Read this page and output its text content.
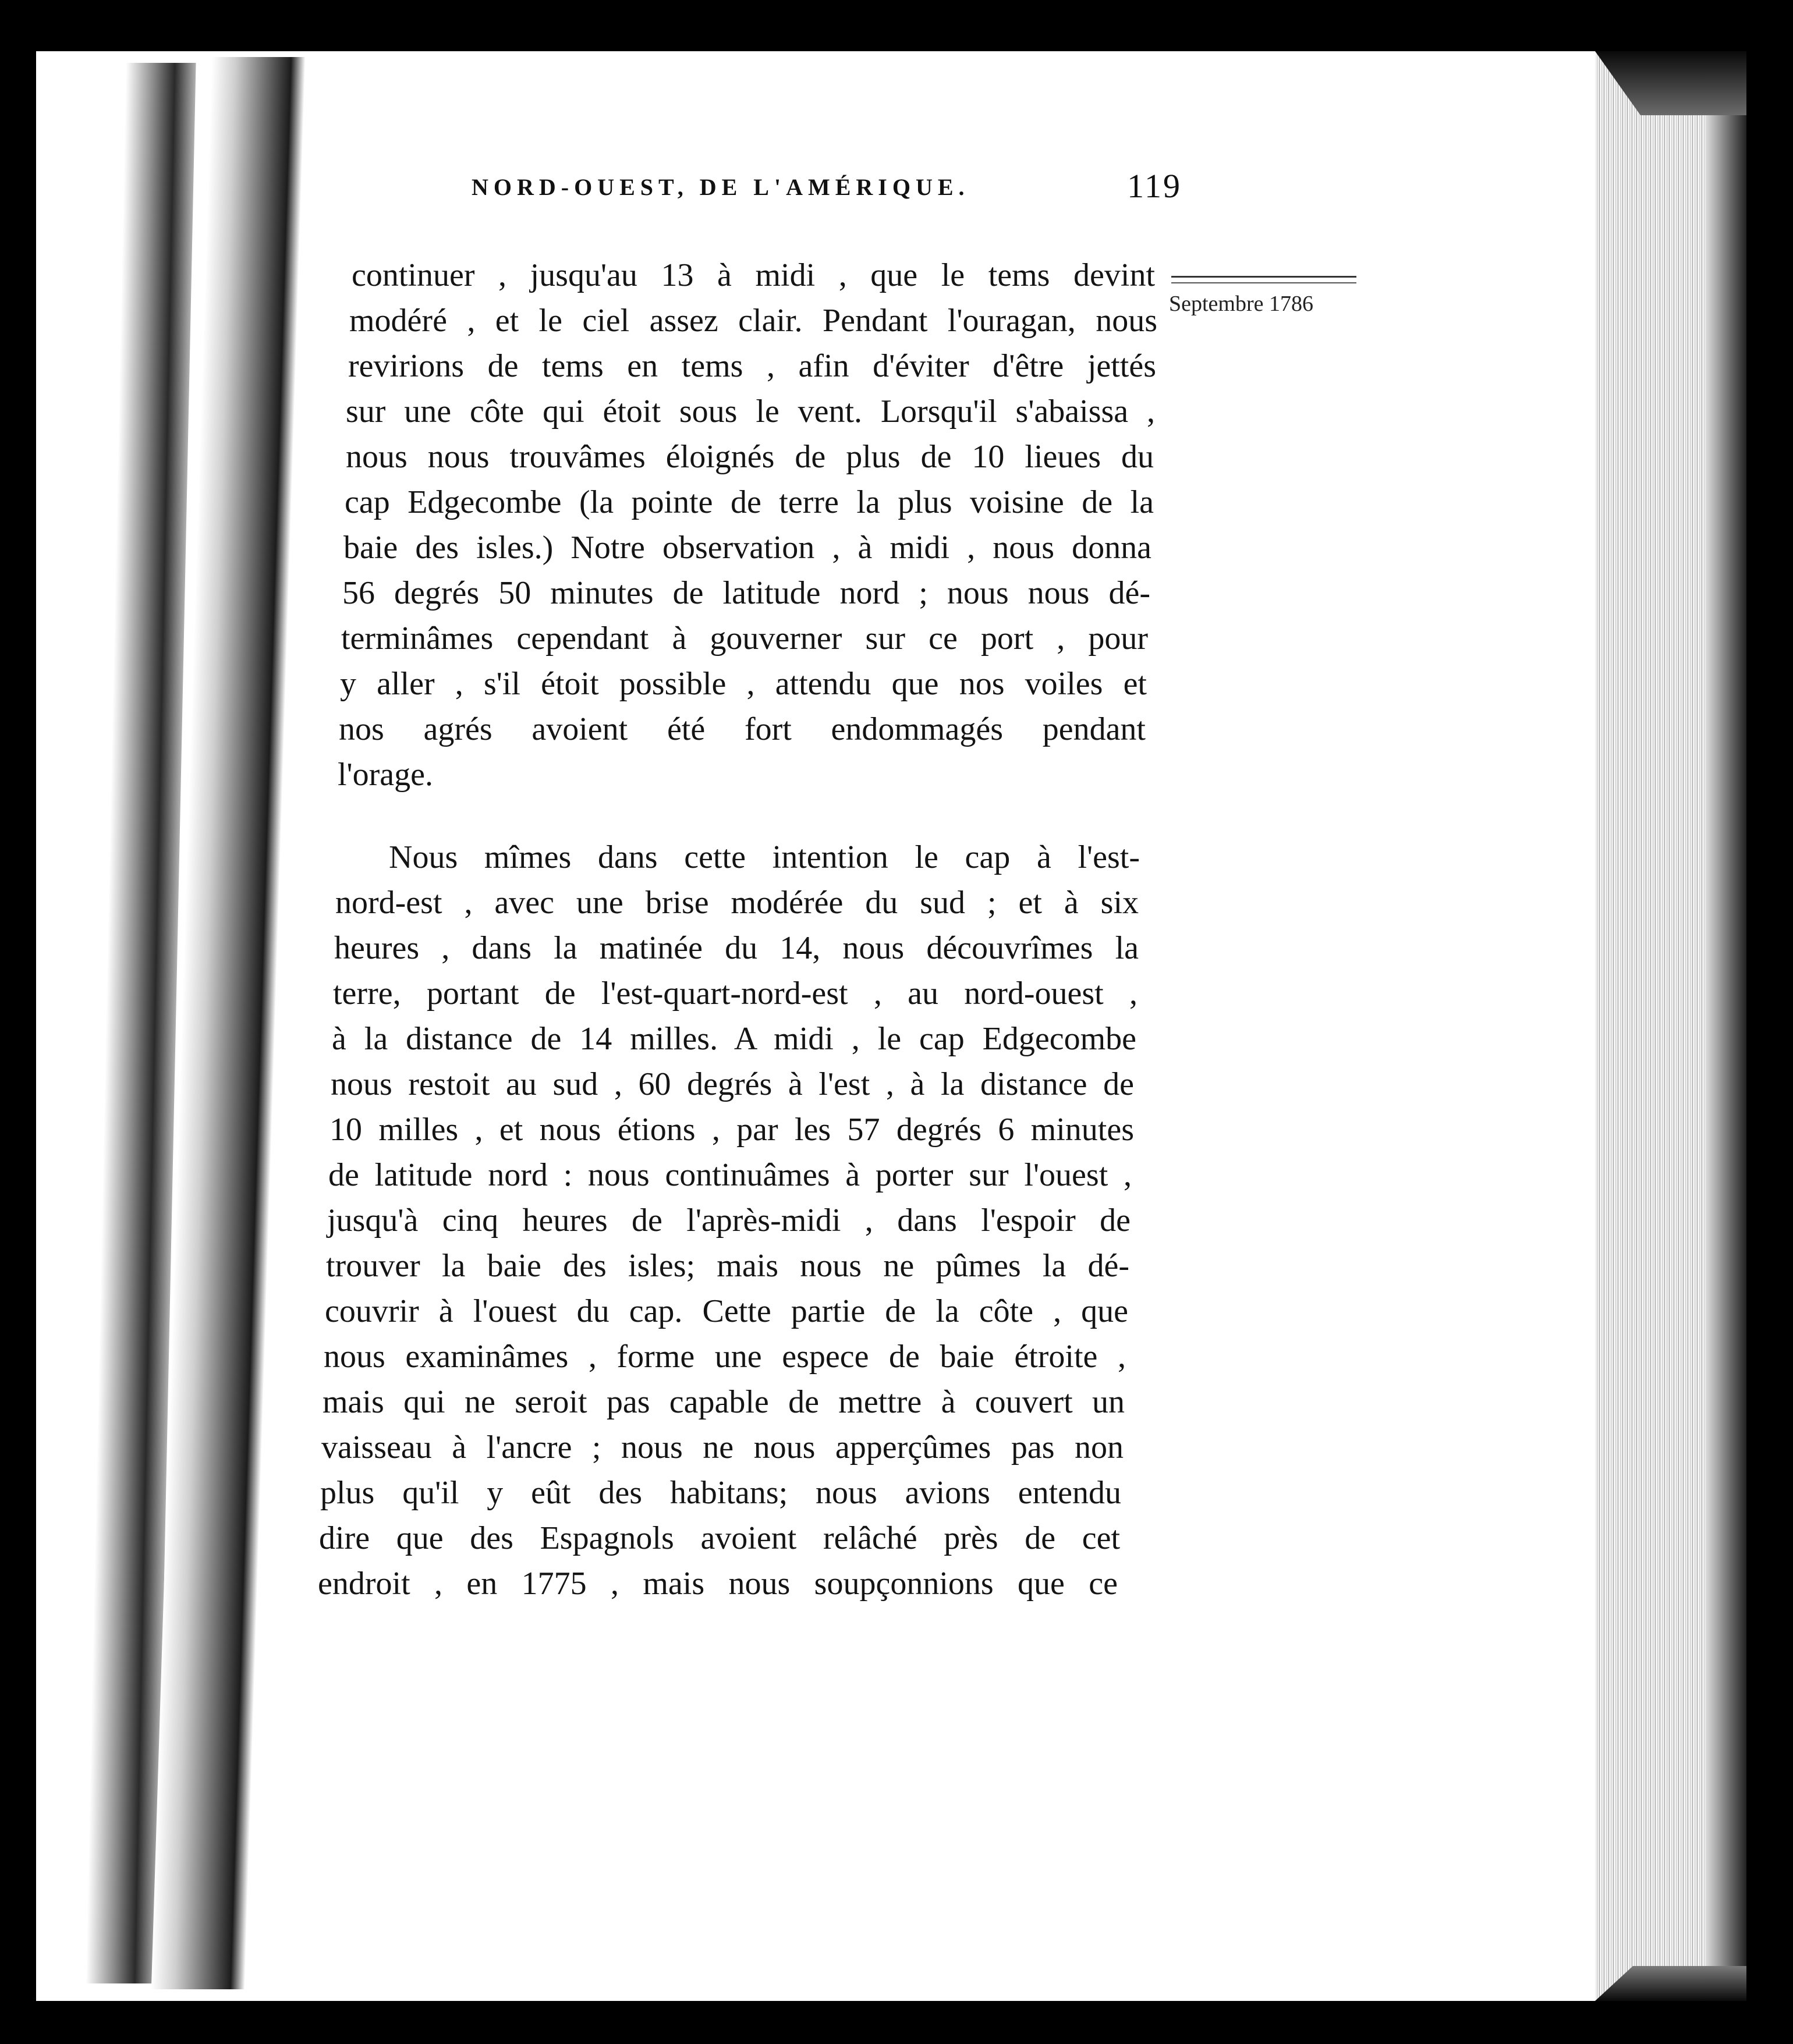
NORD-OUEST, DE L'AMÉRIQUE.	119
Septembre 1786
continuer , jusqu'au 13 à midi , que le tems devint
modéré , et le ciel assez clair. Pendant l'ouragan, nous
revirions de tems en tems , afin d'éviter d'être jettés
sur une côte qui étoit sous le vent. Lorsqu'il s'abaissa ,
nous nous trouvâmes éloignés de plus de 10 lieues du
cap Edgecombe (la pointe de terre la plus voisine de la
baie des isles.) Notre observation , à midi , nous donna
56 degrés 50 minutes de latitude nord ; nous nous dé-
terminâmes cependant à gouverner sur ce port , pour
y aller , s'il étoit possible , attendu que nos voiles et
nos agrés avoient été fort endommagés pendant
l'orage.
Nous mîmes dans cette intention le cap à l'est-
nord-est , avec une brise modérée du sud ; et à six
heures , dans la matinée du 14, nous découvrîmes la
terre, portant de l'est-quart-nord-est , au nord-ouest ,
à la distance de 14 milles. A midi , le cap Edgecombe
nous restoit au sud , 60 degrés à l'est , à la distance de
10 milles , et nous étions , par les 57 degrés 6 minutes
de latitude nord : nous continuâmes à porter sur l'ouest ,
jusqu'à cinq heures de l'après-midi , dans l'espoir de
trouver la baie des isles; mais nous ne pûmes la dé-
couvrir à l'ouest du cap. Cette partie de la côte , que
nous examinâmes , forme une espece de baie étroite ,
mais qui ne seroit pas capable de mettre à couvert un
vaisseau à l'ancre ; nous ne nous apperçûmes pas non
plus qu'il y eût des habitans; nous avions entendu
dire que des Espagnols avoient relâché près de cet
endroit , en 1775 , mais nous soupçonnions que ce
